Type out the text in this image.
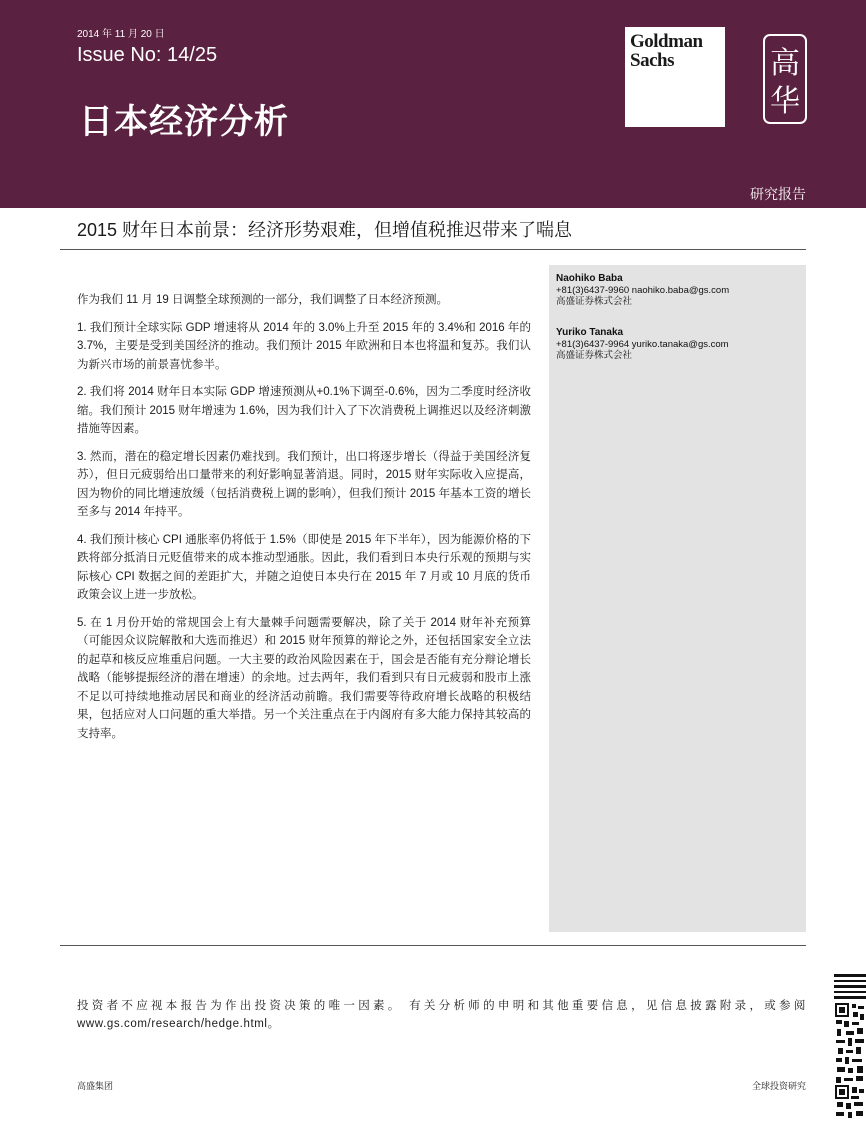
2014 年 11 月 20 日
Issue No: 14/25
日本经济分析
研究报告
Goldman
Sachs	高
华
2015 财年日本前景：经济形势艰难，但增值税推迟带来了喘息

作为我们 11 月 19 日调整全球预测的一部分，我们调整了日本经济预测。

1. 我们预计全球实际 GDP 增速将从 2014 年的 3.0%上升至 2015 年的 3.4%和 2016 年的 3.7%，主要是受到美国经济的推动。我们预计 2015 年欧洲和日本也将温和复苏。我们认为新兴市场的前景喜忧参半。

2. 我们将 2014 财年日本实际 GDP 增速预测从+0.1%下调至-0.6%，因为二季度时经济收缩。我们预计 2015 财年增速为 1.6%，因为我们计入了下次消费税上调推迟以及经济刺激措施等因素。

3. 然而，潜在的稳定增长因素仍难找到。我们预计，出口将逐步增长（得益于美国经济复苏），但日元疲弱给出口量带来的利好影响显著消退。同时，2015 财年实际收入应提高，因为物价的同比增速放缓（包括消费税上调的影响），但我们预计 2015 年基本工资的增长至多与 2014 年持平。

4. 我们预计核心 CPI 通胀率仍将低于 1.5%（即使是 2015 年下半年），因为能源价格的下跌将部分抵消日元贬值带来的成本推动型通胀。因此，我们看到日本央行乐观的预期与实际核心 CPI 数据之间的差距扩大，并随之迫使日本央行在 2015 年 7 月或 10 月底的货币政策会议上进一步放松。

5. 在 1 月份开始的常规国会上有大量棘手问题需要解决，除了关于 2014 财年补充预算（可能因众议院解散和大选而推迟）和 2015 财年预算的辩论之外，还包括国家安全立法的起草和核反应堆重启问题。一大主要的政治风险因素在于，国会是否能有充分辩论增长战略（能够提振经济的潜在增速）的余地。过去两年，我们看到只有日元疲弱和股市上涨不足以可持续地推动居民和商业的经济活动前瞻。我们需要等待政府增长战略的积极结果，包括应对人口问题的重大举措。另一个关注重点在于内阁府有多大能力保持其较高的支持率。

Naohiko Baba
+81(3)6437-9960 naohiko.baba@gs.com
高盛证券株式会社
Yuriko Tanaka
+81(3)6437-9964 yuriko.tanaka@gs.com
高盛证券株式会社
投资者不应视本报告为作出投资决策的唯一因素。 有关分析师的申明和其他重要信息，见信息披露附录，或参阅 www.gs.com/research/hedge.html。
高盛集团	全球投资研究
